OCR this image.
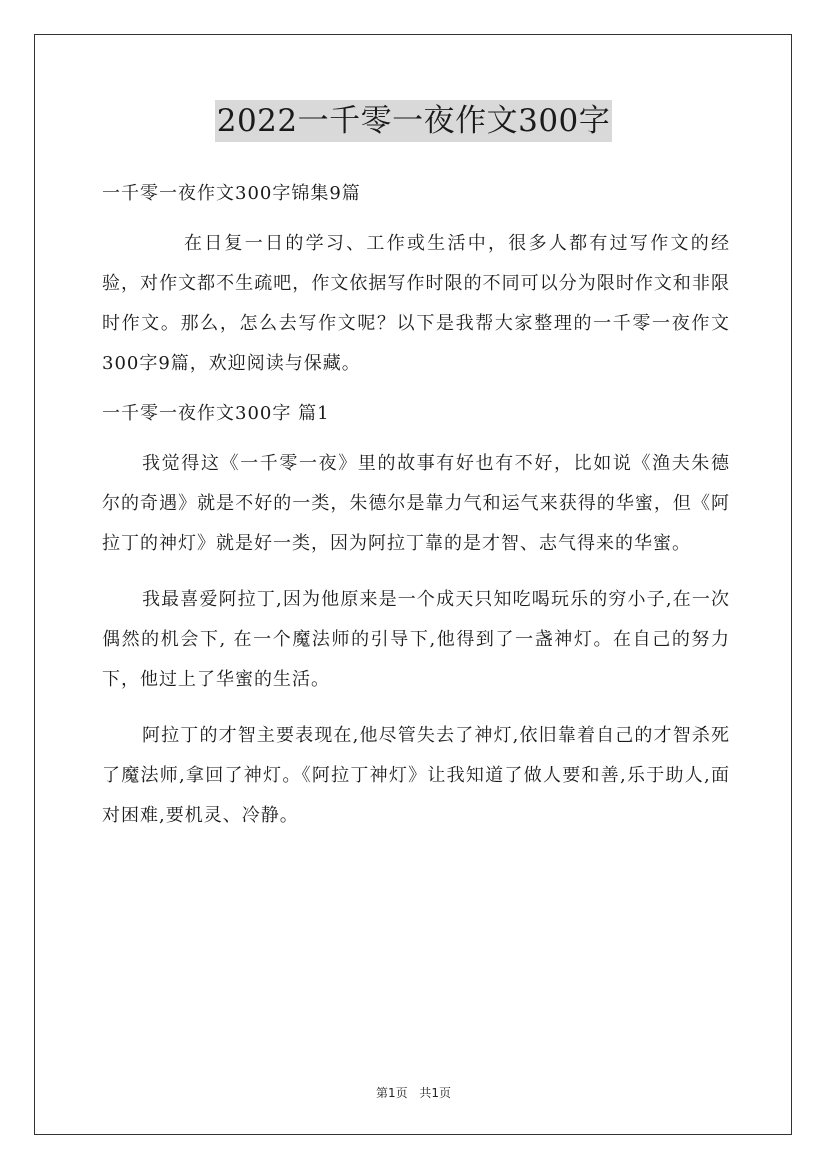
2022一千零一夜作文300字

一千零一夜作文300字锦集9篇

在日复一日的学习、工作或生活中，很多人都有过写作文的经验，对作文都不生疏吧，作文依据写作时限的不同可以分为限时作文和非限时作文。那么，怎么去写作文呢？以下是我帮大家整理的一千零一夜作文300字9篇，欢迎阅读与保藏。

一千零一夜作文300字 篇1

我觉得这《一千零一夜》里的故事有好也有不好，比如说《渔夫朱德尔的奇遇》就是不好的一类，朱德尔是靠力气和运气来获得的华蜜，但《阿拉丁的神灯》就是好一类，因为阿拉丁靠的是才智、志气得来的华蜜。

我最喜爱阿拉丁,因为他原来是一个成天只知吃喝玩乐的穷小子,在一次偶然的机会下, 在一个魔法师的引导下,他得到了一盏神灯。在自己的努力下，他过上了华蜜的生活。

阿拉丁的才智主要表现在,他尽管失去了神灯,依旧靠着自己的才智杀死了魔法师,拿回了神灯。《阿拉丁神灯》让我知道了做人要和善,乐于助人,面对困难,要机灵、冷静。

第1页 共1页
